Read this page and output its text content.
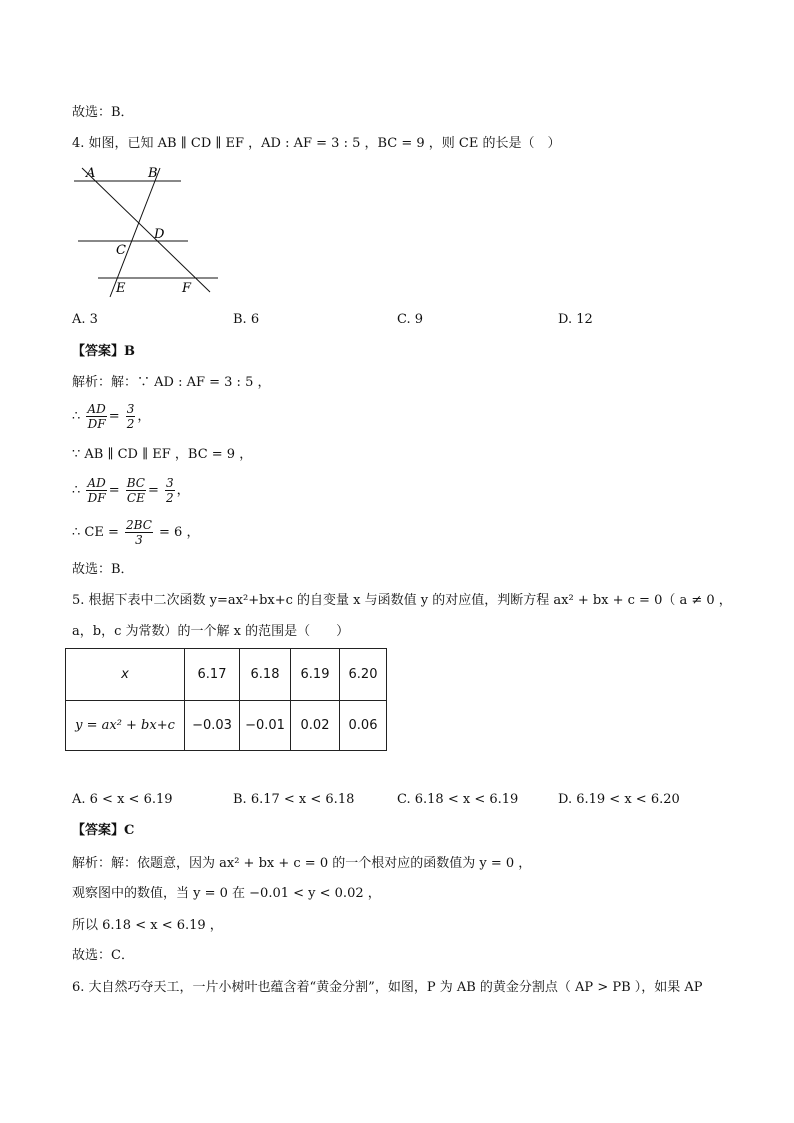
故选：B．
4. 如图，已知 AB ∥ CD ∥ EF ，AD : AF = 3 : 5 ，BC = 9 ，则 CE 的长是（　）
A	B
C
D
E	F
A. 3	B. 6	C. 9	D. 12
【答案】B
解析：解：∵ AD : AF = 3 : 5 ，
∴ $\frac{AD}{DF} = \frac{3}{2}$ ，
∵ AB ∥ CD ∥ EF ，BC = 9 ，
∴ $\frac{AD}{DF} = \frac{BC}{CE} = \frac{3}{2}$ ，
∴ CE = $\frac{2BC}{3} = 6$ ，
故选：B．
5. 根据下表中二次函数 y=ax²+bx+c 的自变量 x 与函数值 y 的对应值，判断方程 ax² + bx + c = 0（ a ≠ 0 ，
a，b，c 为常数）的一个解 x 的范围是（　　）
x	6.17	6.18	6.19	6.20
y = ax² + bx+c	−0.03	−0.01	0.02	0.06
A. 6 < x < 6.19	B. 6.17 < x < 6.18	C. 6.18 < x < 6.19	D. 6.19 < x < 6.20
【答案】C
解析：解：依题意，因为 ax² + bx + c = 0 的一个根对应的函数值为 y = 0 ，
观察图中的数值，当 y = 0 在 −0.01 < y < 0.02 ，
所以 6.18 < x < 6.19 ，
故选：C．
6. 大自然巧夺天工，一片小树叶也蕴含着“黄金分割”，如图，P 为 AB 的黄金分割点（ AP > PB ），如果 AP
